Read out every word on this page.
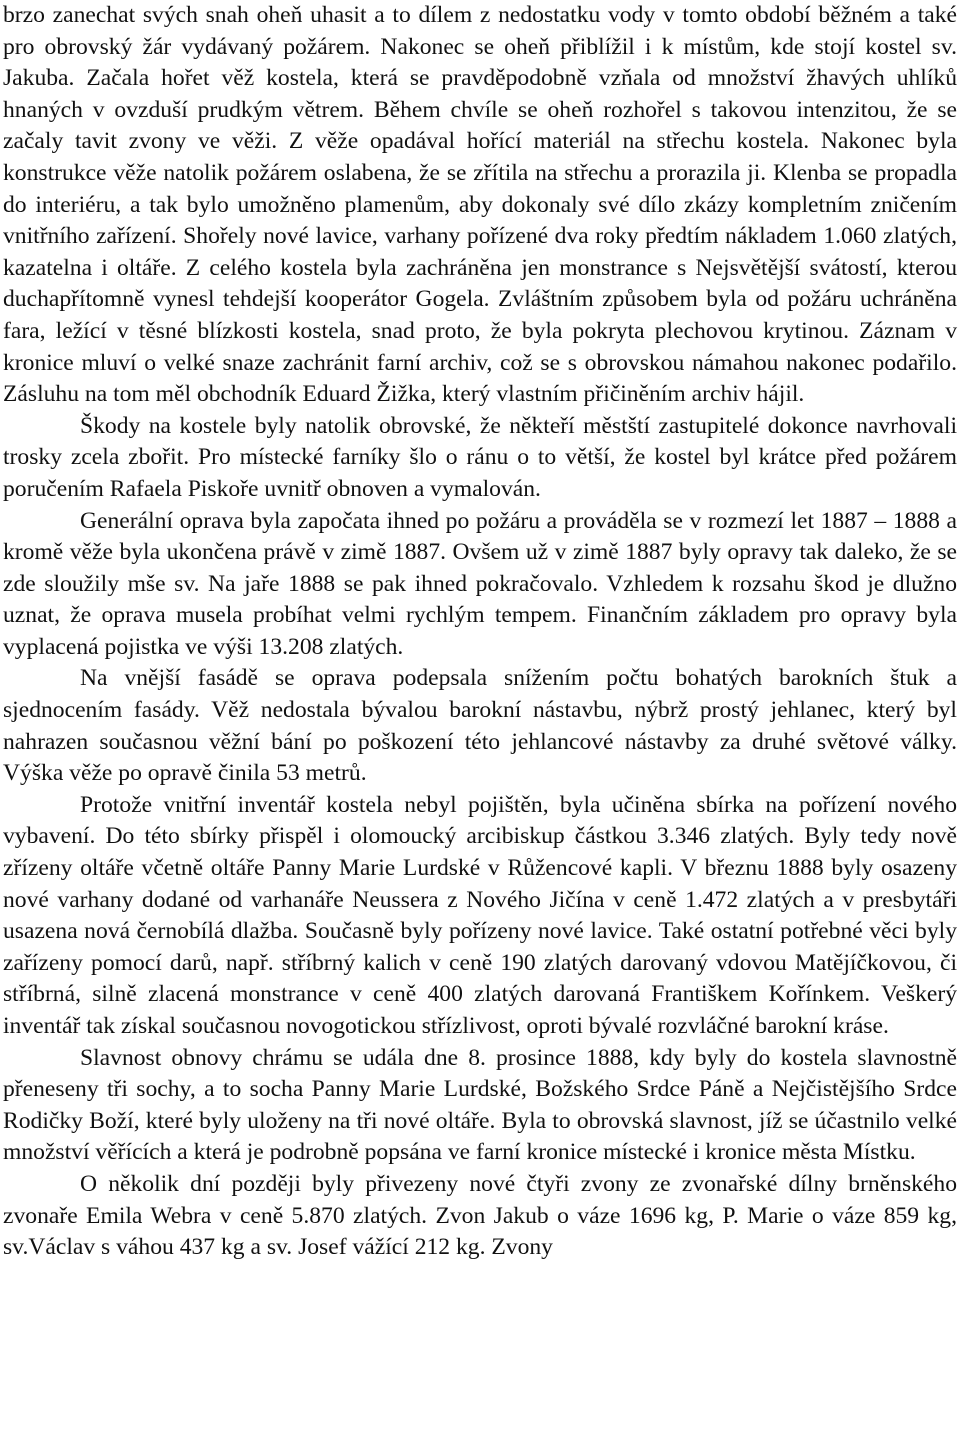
brzo zanechat svých snah oheň uhasit a to dílem z nedostatku vody v tomto období běžném a také pro obrovský žár vydávaný požárem. Nakonec se oheň přiblížil i k místům, kde stojí kostel sv. Jakuba. Začala hořet věž kostela, která se pravděpodobně vzňala od množství žhavých uhlíků hnaných v ovzduší prudkým větrem. Během chvíle se oheň rozhořel s takovou intenzitou, že se začaly tavit zvony ve věži. Z věže opadával hořící materiál na střechu kostela. Nakonec byla konstrukce věže natolik požárem oslabena, že se zřítila na střechu a prorazila ji. Klenba se propadla do interiéru, a tak bylo umožněno plamenům, aby dokonaly své dílo zkázy kompletním zničením vnitřního zařízení. Shořely nové lavice, varhany pořízené dva roky předtím nákladem 1.060 zlatých, kazatelna i oltáře. Z celého kostela byla zachráněna jen monstrance s Nejsvětější svátostí, kterou duchapřítomně vynesl tehdejší kooperátor Gogela. Zvláštním způsobem byla od požáru uchráněna fara, ležící v těsné blízkosti kostela, snad proto, že byla pokryta plechovou krytinou. Záznam v kronice mluví o velké snaze zachránit farní archiv, což se s obrovskou námahou nakonec podařilo. Zásluhu na tom měl obchodník Eduard Žižka, který vlastním přičiněním archiv hájil.

Škody na kostele byly natolik obrovské, že někteří městští zastupitelé dokonce navrhovali trosky zcela zbořit. Pro místecké farníky šlo o ránu o to větší, že kostel byl krátce před požárem poručením Rafaela Piskoře uvnitř obnoven a vymalován.

Generální oprava byla započata ihned po požáru a prováděla se v rozmezí let 1887 – 1888 a kromě věže byla ukončena právě v zimě 1887. Ovšem už v zimě 1887 byly opravy tak daleko, že se zde sloužily mše sv. Na jaře 1888 se pak ihned pokračovalo. Vzhledem k rozsahu škod je dlužno uznat, že oprava musela probíhat velmi rychlým tempem. Finančním základem pro opravy byla vyplacená pojistka ve výši 13.208 zlatých.

Na vnější fasádě se oprava podepsala snížením počtu bohatých barokních štuk a sjednocením fasády. Věž nedostala bývalou barokní nástavbu, nýbrž prostý jehlanec, který byl nahrazen současnou věžní bání po poškození této jehlancové nástavby za druhé světové války. Výška věže po opravě činila 53 metrů.

Protože vnitřní inventář kostela nebyl pojištěn, byla učiněna sbírka na pořízení nového vybavení. Do této sbírky přispěl i olomoucký arcibiskup částkou 3.346 zlatých. Byly tedy nově zřízeny oltáře včetně oltáře Panny Marie Lurdské v Růžencové kapli. V březnu 1888 byly osazeny nové varhany dodané od varhanáře Neussera z Nového Jičína v ceně 1.472 zlatých a v presbytáři usazena nová černobílá dlažba. Současně byly pořízeny nové lavice. Také ostatní potřebné věci byly zařízeny pomocí darů, např. stříbrný kalich v ceně 190 zlatých darovaný vdovou Matějíčkovou, či stříbrná, silně zlacená monstrance v ceně 400 zlatých darovaná Františkem Kořínkem. Veškerý inventář tak získal současnou novogotickou střízlivost, oproti bývalé rozvláčné barokní kráse.

Slavnost obnovy chrámu se udála dne 8. prosince 1888, kdy byly do kostela slavnostně přeneseny tři sochy, a to socha Panny Marie Lurdské, Božského Srdce Páně a Nejčistějšího Srdce Rodičky Boží, které byly uloženy na tři nové oltáře. Byla to obrovská slavnost, jíž se účastnilo velké množství věřících a která je podrobně popsána ve farní kronice místecké i kronice města Místku.

O několik dní později byly přivezeny nové čtyři zvony ze zvonařské dílny brněnského zvonaře Emila Webra v ceně 5.870 zlatých. Zvon Jakub o váze 1696 kg, P. Marie o váze 859 kg, sv.Václav s váhou 437 kg a sv. Josef vážící 212 kg. Zvony
